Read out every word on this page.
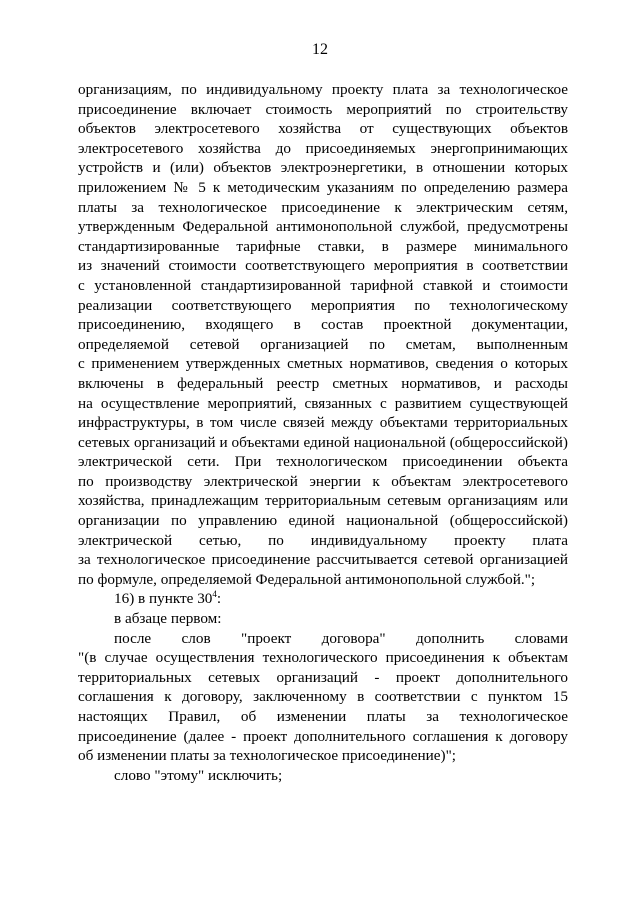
12
организациям, по индивидуальному проекту плата за технологическое
присоединение включает стоимость мероприятий по строительству
объектов электросетевого хозяйства от существующих объектов
электросетевого хозяйства до присоединяемых энергопринимающих
устройств и (или) объектов электроэнергетики, в отношении которых
приложением № 5 к методическим указаниям по определению размера
платы за технологическое присоединение к электрическим сетям,
утвержденным Федеральной антимонопольной службой, предусмотрены
стандартизированные тарифные ставки, в размере минимального
из значений стоимости соответствующего мероприятия в соответствии
с установленной стандартизированной тарифной ставкой и стоимости
реализации соответствующего мероприятия по технологическому
присоединению, входящего в состав проектной документации,
определяемой сетевой организацией по сметам, выполненным
с применением утвержденных сметных нормативов, сведения о которых
включены в федеральный реестр сметных нормативов, и расходы
на осуществление мероприятий, связанных с развитием существующей
инфраструктуры, в том числе связей между объектами территориальных
сетевых организаций и объектами единой национальной (общероссийской)
электрической сети. При технологическом присоединении объекта
по производству электрической энергии к объектам электросетевого
хозяйства, принадлежащим территориальным сетевым организациям или
организации по управлению единой национальной (общероссийской)
электрической сетью, по индивидуальному проекту плата
за технологическое присоединение рассчитывается сетевой организацией
по формуле, определяемой Федеральной антимонопольной службой.";
16) в пункте $30^4$:
в абзаце первом:
после слов "проект договора" дополнить словами
"(в случае осуществления технологического присоединения к объектам
территориальных сетевых организаций - проект дополнительного
соглашения к договору, заключенному в соответствии с пунктом 15
настоящих Правил, об изменении платы за технологическое
присоединение (далее - проект дополнительного соглашения к договору
об изменении платы за технологическое присоединение)";
слово "этому" исключить;
